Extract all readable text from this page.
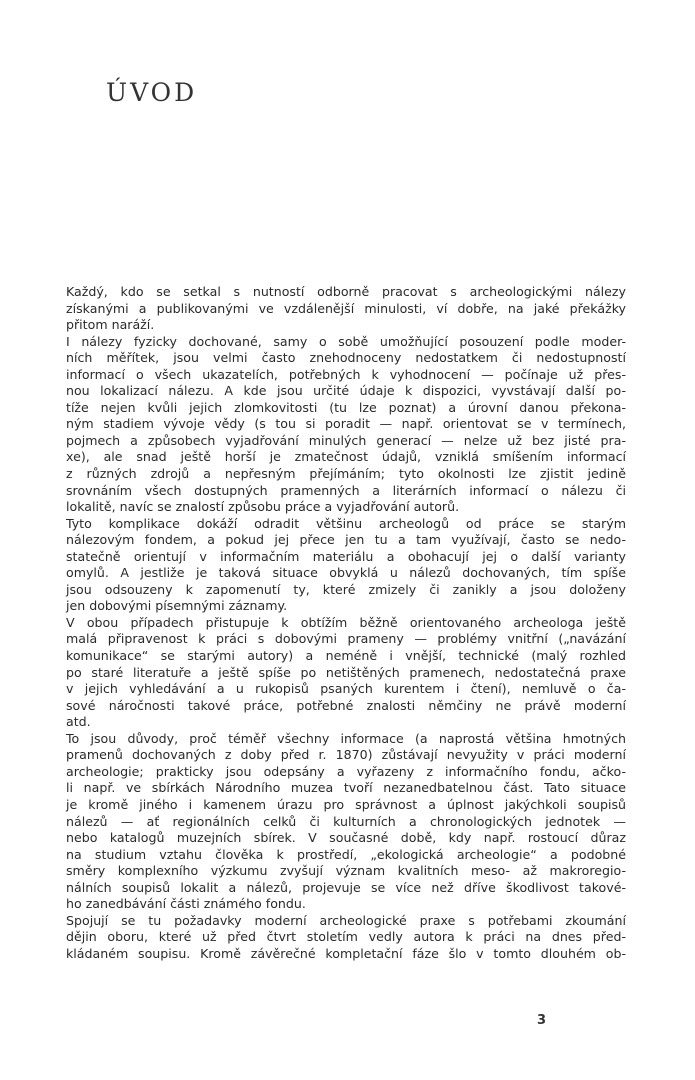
ÚVOD

Každý, kdo se setkal s nutností odborně pracovat s archeologickými nálezy
získanými a publikovanými ve vzdálenější minulosti, ví dobře, na jaké překážky
přitom naráží.

I nálezy fyzicky dochované, samy o sobě umožňující posouzení podle moder-
ních měřítek, jsou velmi často znehodnoceny nedostatkem či nedostupností
informací o všech ukazatelích, potřebných k vyhodnocení — počínaje už přes-
nou lokalizací nálezu. A kde jsou určité údaje k dispozici, vyvstávají další po-
tíže nejen kvůli jejich zlomkovitosti (tu lze poznat) a úrovní danou překona-
ným stadiem vývoje vědy (s tou si poradit — např. orientovat se v termínech,
pojmech a způsobech vyjadřování minulých generací — nelze už bez jisté pra-
xe), ale snad ještě horší je zmatečnost údajů, vzniklá smíšením informací
z různých zdrojů a nepřesným přejímáním; tyto okolnosti lze zjistit jedině
srovnáním všech dostupných pramenných a literárních informací o nálezu či
lokalitě, navíc se znalostí způsobu práce a vyjadřování autorů.

Tyto komplikace dokáží odradit většinu archeologů od práce se starým
nálezovým fondem, a pokud jej přece jen tu a tam využívají, často se nedo-
statečně orientují v informačním materiálu a obohacují jej o další varianty
omylů. A jestliže je taková situace obvyklá u nálezů dochovaných, tím spíše
jsou odsouzeny k zapomenutí ty, které zmizely či zanikly a jsou doloženy
jen dobovými písemnými záznamy.

V obou případech přistupuje k obtížím běžně orientovaného archeologa ještě
malá připravenost k práci s dobovými prameny — problémy vnitřní („navázání
komunikace“ se starými autory) a neméně i vnější, technické (malý rozhled
po staré literatuře a ještě spíše po netištěných pramenech, nedostatečná praxe
v jejich vyhledávání a u rukopisů psaných kurentem i čtení), nemluvě o ča-
sové náročnosti takové práce, potřebné znalosti němčiny ne právě moderní
atd.

To jsou důvody, proč téměř všechny informace (a naprostá většina hmotných
pramenů dochovaných z doby před r. 1870) zůstávají nevyužity v práci moderní
archeologie; prakticky jsou odepsány a vyřazeny z informačního fondu, ačko-
li např. ve sbírkách Národního muzea tvoří nezanedbatelnou část. Tato situace
je kromě jiného i kamenem úrazu pro správnost a úplnost jakýchkoli soupisů
nálezů — ať regionálních celků či kulturních a chronologických jednotek —
nebo katalogů muzejních sbírek. V současné době, kdy např. rostoucí důraz
na studium vztahu člověka k prostředí, „ekologická archeologie“ a podobné
směry komplexního výzkumu zvyšují význam kvalitních meso- až makroregio-
nálních soupisů lokalit a nálezů, projevuje se více než dříve škodlivost takové-
ho zanedbávání části známého fondu.

Spojují se tu požadavky moderní archeologické praxe s potřebami zkoumání
dějin oboru, které už před čtvrt stoletím vedly autora k práci na dnes před-
kládaném soupisu. Kromě závěrečné kompletační fáze šlo v tomto dlouhém ob-

3
